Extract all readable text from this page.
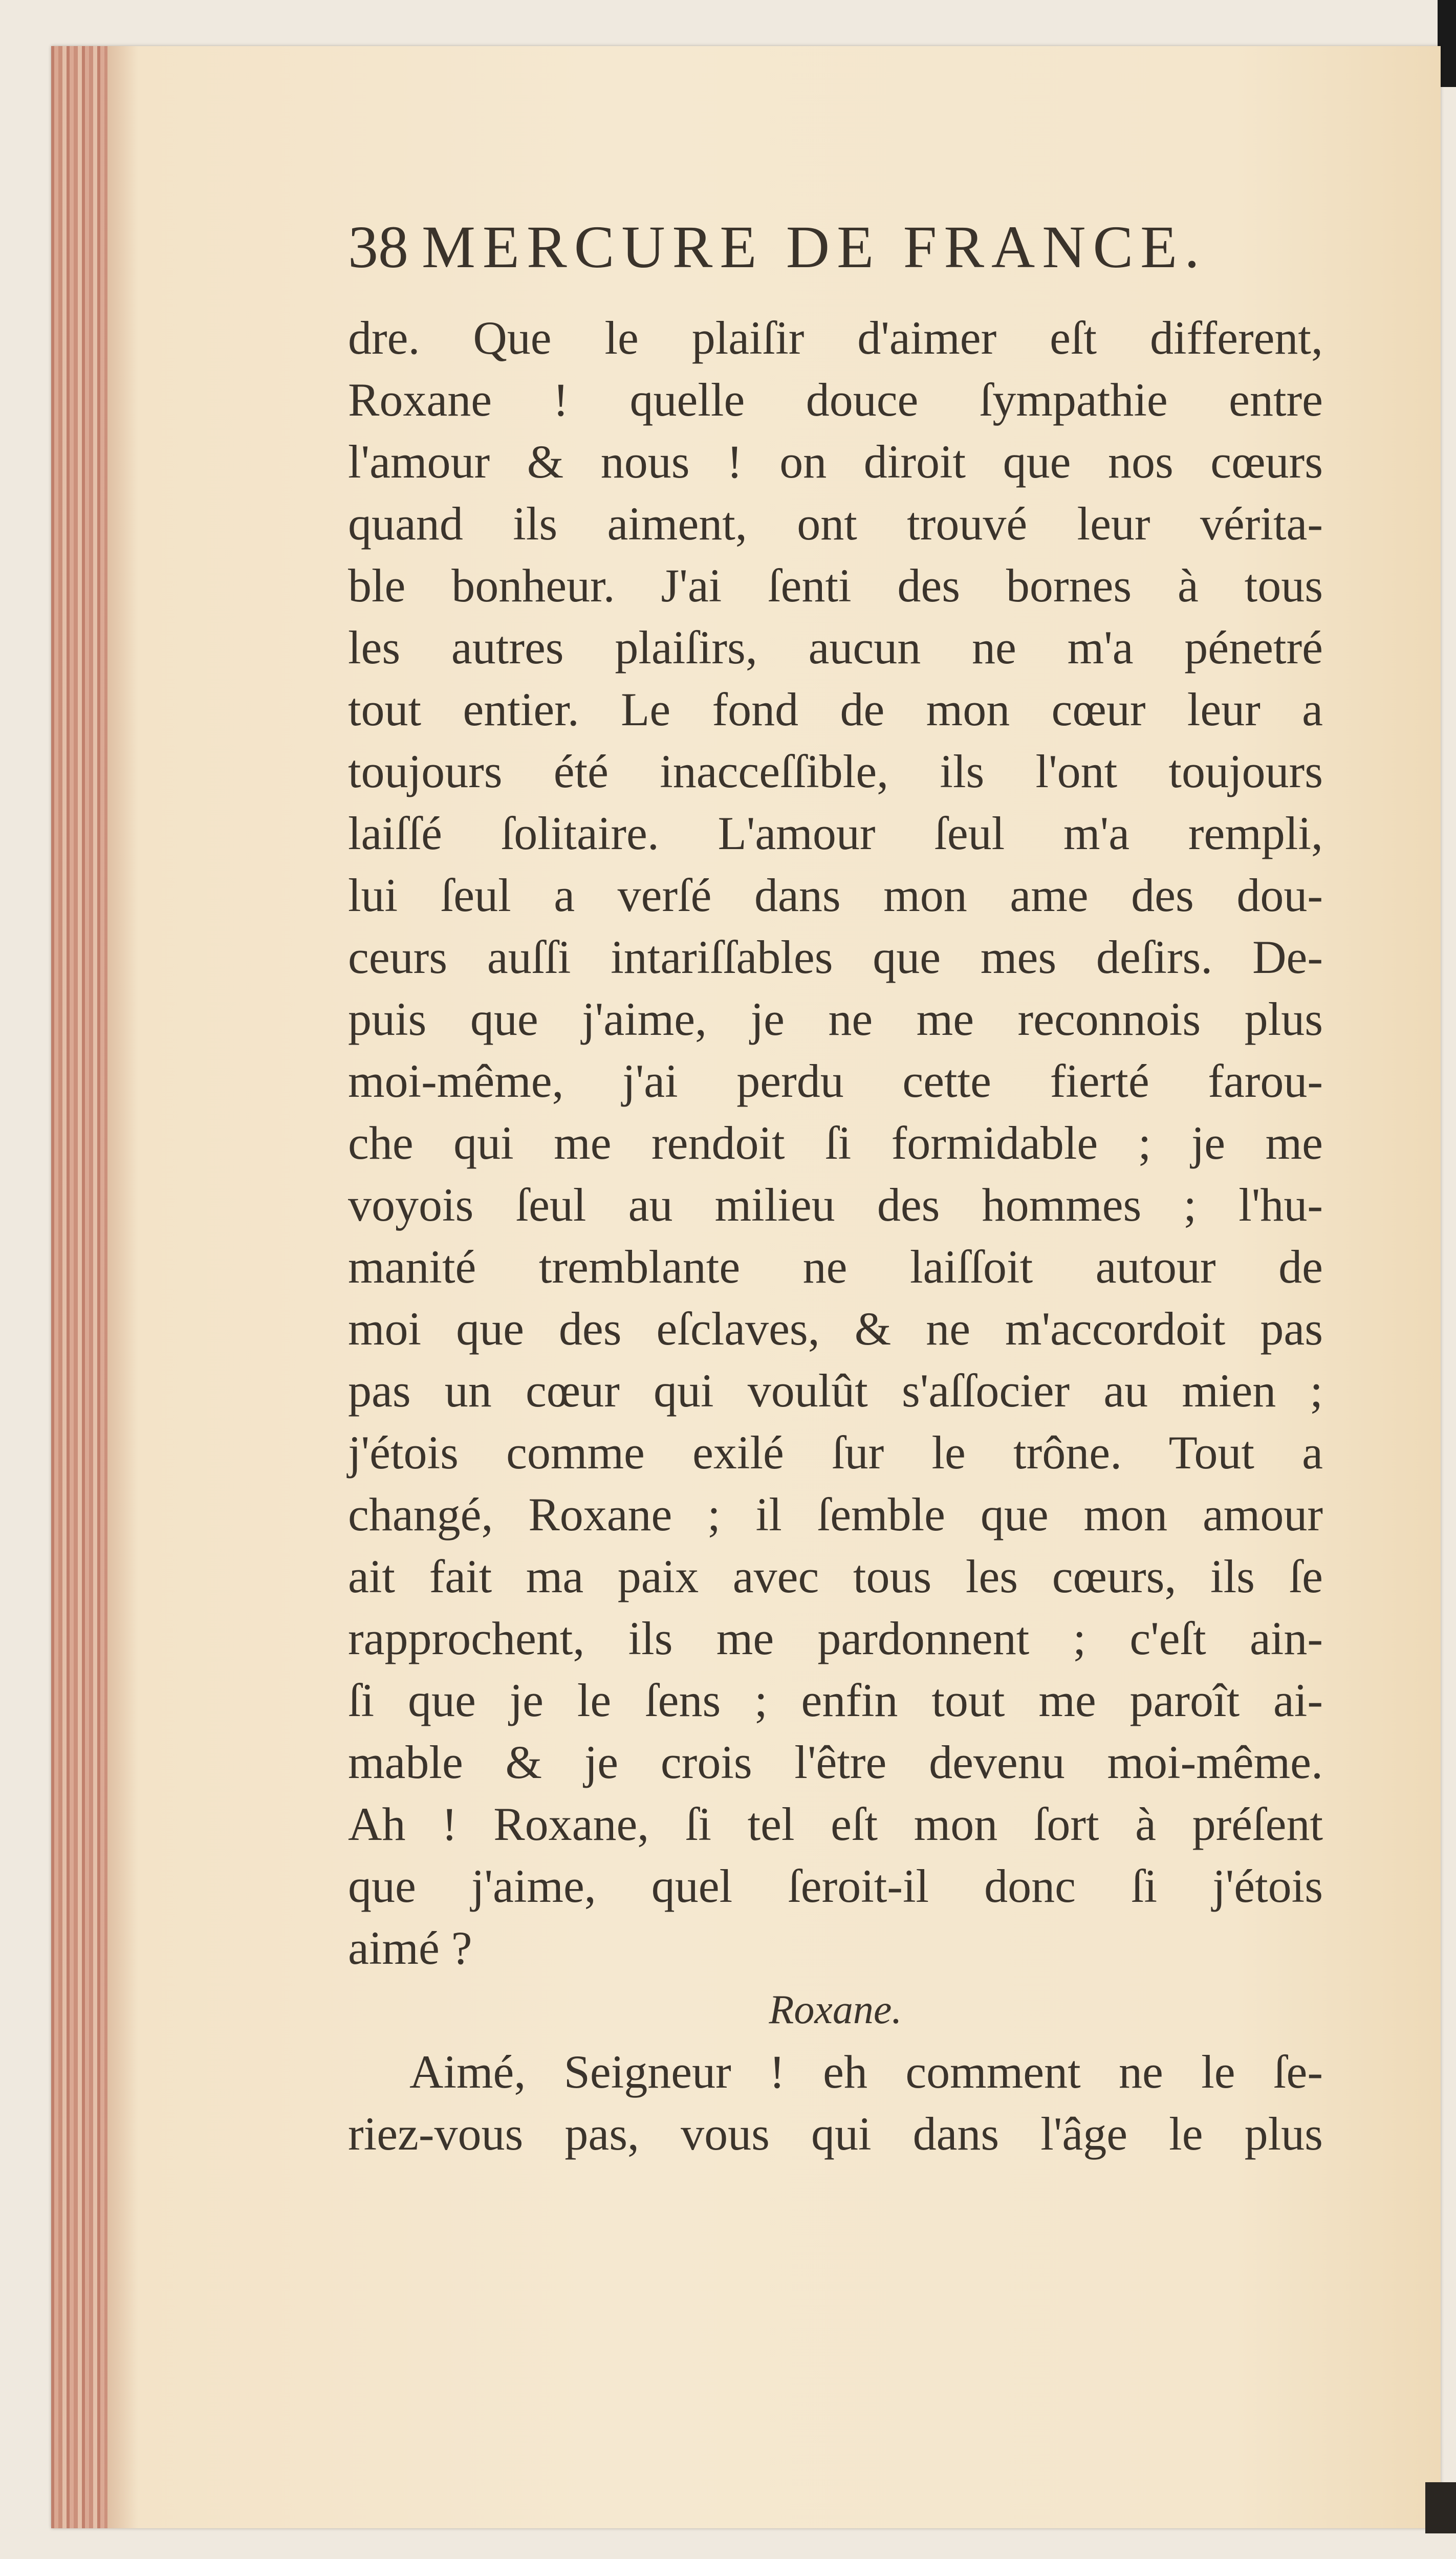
38 MERCURE DE FRANCE.
dre. Que le plaiſir d'aimer eſt different,
Roxane ! quelle douce ſympathie entre
l'amour & nous ! on diroit que nos cœurs
quand ils aiment, ont trouvé leur vérita-
ble bonheur. J'ai ſenti des bornes à tous
les autres plaiſirs, aucun ne m'a pénetré
tout entier. Le fond de mon cœur leur a
toujours été inacceſſible, ils l'ont toujours
laiſſé ſolitaire. L'amour ſeul m'a rempli,
lui ſeul a verſé dans mon ame des dou-
ceurs auſſi intariſſables que mes deſirs. De-
puis que j'aime, je ne me reconnois plus
moi-même, j'ai perdu cette fierté farou-
che qui me rendoit ſi formidable ; je me
voyois ſeul au milieu des hommes ; l'hu-
manité tremblante ne laiſſoit autour de
moi que des eſclaves, & ne m'accordoit pas
pas un cœur qui voulût s'aſſocier au mien ;
j'étois comme exilé ſur le trône. Tout a
changé, Roxane ; il ſemble que mon amour
ait fait ma paix avec tous les cœurs, ils ſe
rapprochent, ils me pardonnent ; c'eſt ain-
ſi que je le ſens ; enfin tout me paroît ai-
mable & je crois l'être devenu moi-même.
Ah ! Roxane, ſi tel eſt mon ſort à préſent
que j'aime, quel ſeroit-il donc ſi j'étois
aimé ?
Roxane.
Aimé, Seigneur ! eh comment ne le ſe-
riez-vous pas, vous qui dans l'âge le plus
